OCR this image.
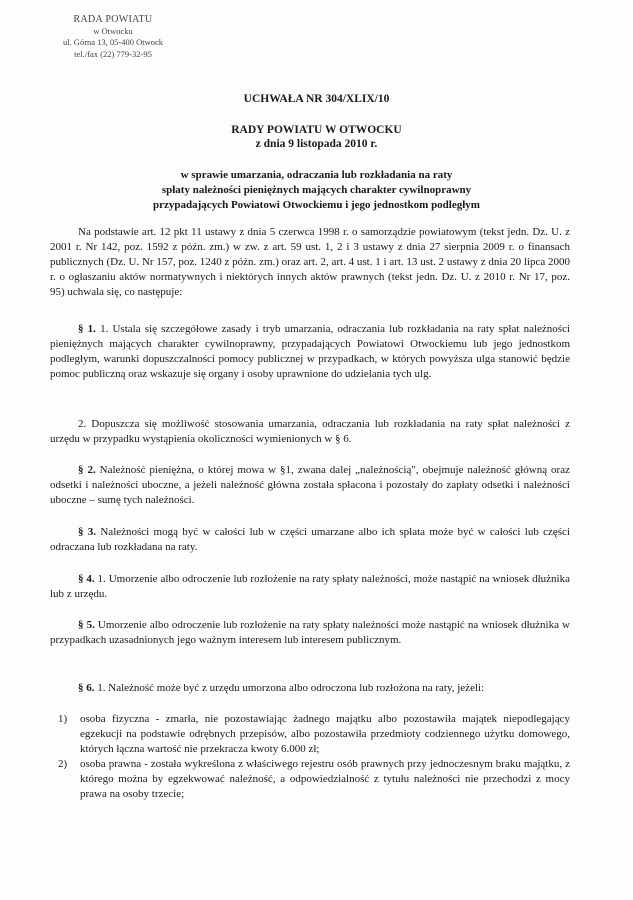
RADA POWIATU
w Otwocku
ul. Górna 13, 05-400 Otwock
tel./fax (22) 779-32-95
UCHWAŁA NR 304/XLIX/10
RADY POWIATU W OTWOCKU
z dnia 9 listopada 2010 r.
w sprawie umarzania, odraczania lub rozkładania na raty
spłaty należności pieniężnych mających charakter cywilnoprawny
przypadających Powiatowi Otwockiemu i jego jednostkom podległym

Na podstawie art. 12 pkt 11 ustawy z dnia 5 czerwca 1998 r. o samorządzie powiatowym (tekst jedn. Dz. U. z 2001 r. Nr 142, poz. 1592 z późn. zm.) w zw. z art. 59 ust. 1, 2 i 3 ustawy z dnia 27 sierpnia 2009 r. o finansach publicznych (Dz. U. Nr 157, poz. 1240 z późn. zm.) oraz art. 2, art. 4 ust. 1 i art. 13 ust. 2 ustawy z dnia 20 lipca 2000 r. o ogłaszaniu aktów normatywnych i niektórych innych aktów prawnych (tekst jedn. Dz. U. z 2010 r. Nr 17, poz. 95) uchwala się, co następuje:

§ 1. 1. Ustala się szczegółowe zasady i tryb umarzania, odraczania lub rozkładania na raty spłat należności pieniężnych mających charakter cywilnoprawny, przypadających Powiatowi Otwockiemu lub jego jednostkom podległym, warunki dopuszczalności pomocy publicznej w przypadkach, w których powyższa ulga stanowić będzie pomoc publiczną oraz wskazuje się organy i osoby uprawnione do udzielania tych ulg.

2. Dopuszcza się możliwość stosowania umarzania, odraczania lub rozkładania na raty spłat należności z urzędu w przypadku wystąpienia okoliczności wymienionych w § 6.

§ 2. Należność pieniężna, o której mowa w §1, zwana dalej „należnością", obejmuje należność główną oraz odsetki i należności uboczne, a jeżeli należność główna została spłacona i pozostały do zapłaty odsetki i należności uboczne – sumę tych należności.

§ 3. Należności mogą być w całości lub w części umarzane albo ich spłata może być w całości lub części odraczana lub rozkładana na raty.

§ 4. 1. Umorzenie albo odroczenie lub rozłożenie na raty spłaty należności, może nastąpić na wniosek dłużnika lub z urzędu.

§ 5. Umorzenie albo odroczenie lub rozłożenie na raty spłaty należności może nastąpić na wniosek dłużnika w przypadkach uzasadnionych jego ważnym interesem lub interesem publicznym.

§ 6. 1. Należność może być z urzędu umorzona albo odroczona lub rozłożona na raty, jeżeli:

1)	osoba fizyczna - zmarła, nie pozostawiając żadnego majątku albo pozostawiła majątek niepodlegający egzekucji na podstawie odrębnych przepisów, albo pozostawiła przedmioty codziennego użytku domowego, których łączna wartość nie przekracza kwoty 6.000 zł;
2)	osoba prawna - została wykreślona z właściwego rejestru osób prawnych przy jednoczesnym braku majątku, z którego można by egzekwować należność, a odpowiedzialność z tytułu należności nie przechodzi z mocy prawa na osoby trzecie;
